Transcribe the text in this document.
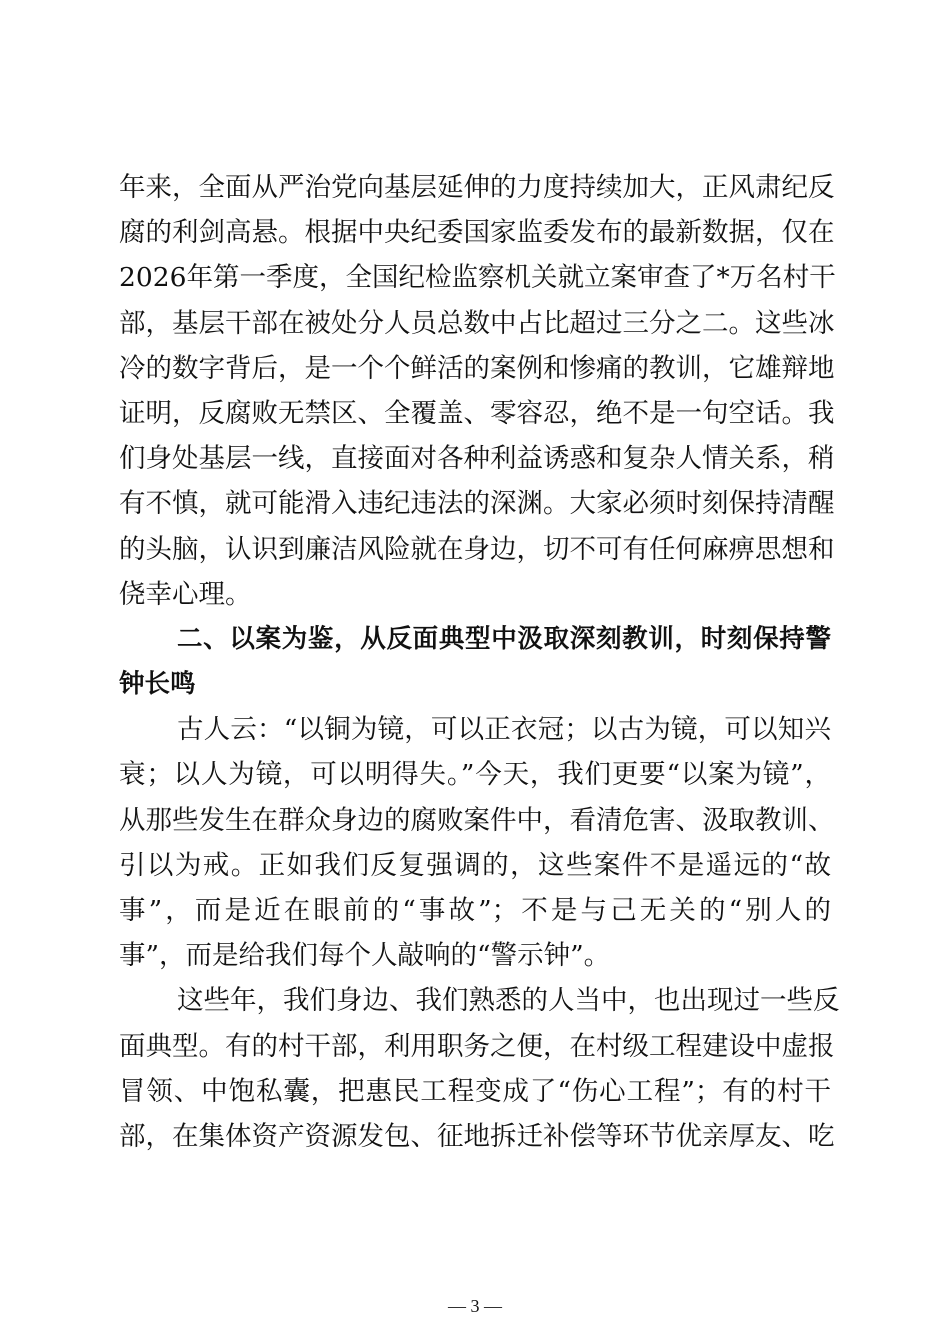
年来，全面从严治党向基层延伸的力度持续加大，正风肃纪反
腐的利剑高悬。根据中央纪委国家监委发布的最新数据，仅在
2026年第一季度，全国纪检监察机关就立案审查了*万名村干
部，基层干部在被处分人员总数中占比超过三分之二。这些冰
冷的数字背后，是一个个鲜活的案例和惨痛的教训，它雄辩地
证明，反腐败无禁区、全覆盖、零容忍，绝不是一句空话。我
们身处基层一线，直接面对各种利益诱惑和复杂人情关系，稍
有不慎，就可能滑入违纪违法的深渊。大家必须时刻保持清醒
的头脑，认识到廉洁风险就在身边，切不可有任何麻痹思想和
侥幸心理。
二、以案为鉴，从反面典型中汲取深刻教训，时刻保持警
钟长鸣
古人云：“以铜为镜，可以正衣冠；以古为镜，可以知兴
衰；以人为镜，可以明得失。”今天，我们更要“以案为镜”，
从那些发生在群众身边的腐败案件中，看清危害、汲取教训、
引以为戒。正如我们反复强调的，这些案件不是遥远的“故
事”，而是近在眼前的“事故”；不是与己无关的“别人的
事”，而是给我们每个人敲响的“警示钟”。
这些年，我们身边、我们熟悉的人当中，也出现过一些反
面典型。有的村干部，利用职务之便，在村级工程建设中虚报
冒领、中饱私囊，把惠民工程变成了“伤心工程”；有的村干
部，在集体资产资源发包、征地拆迁补偿等环节优亲厚友、吃
— 3 —
